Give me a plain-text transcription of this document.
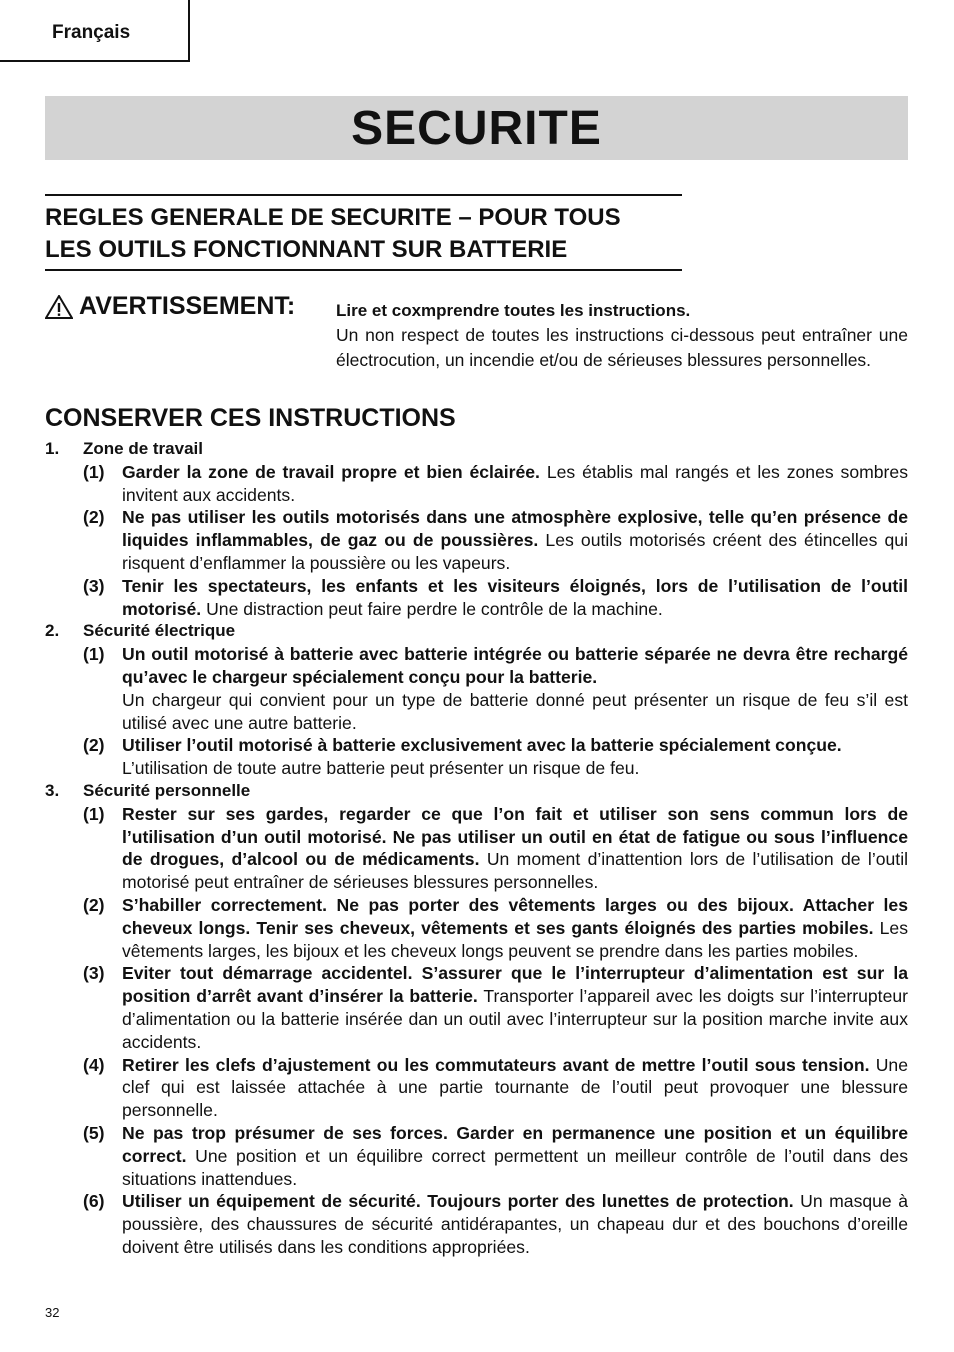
Français
SECURITE
REGLES GENERALE DE SECURITE – POUR TOUS
LES OUTILS FONCTIONNANT SUR BATTERIE
AVERTISSEMENT: Lire et coxmprendre toutes les instructions.
Un non respect de toutes les instructions ci-dessous peut entraîner une électrocution, un incendie et/ou de sérieuses blessures personnelles.
CONSERVER CES INSTRUCTIONS
1.	Zone de travail
(1) Garder la zone de travail propre et bien éclairée. Les établis mal rangés et les zones sombres invitent aux accidents.
(2) Ne pas utiliser les outils motorisés dans une atmosphère explosive, telle qu’en présence de liquides inflammables, de gaz ou de poussières. Les outils motorisés créent des étincelles qui risquent d’enflammer la poussière ou les vapeurs.
(3) Tenir les spectateurs, les enfants et les visiteurs éloignés, lors de l’utilisation de l’outil motorisé. Une distraction peut faire perdre le contrôle de la machine.
2.	Sécurité électrique
(1) Un outil motorisé à batterie avec batterie intégrée ou batterie séparée ne devra être rechargé qu’avec le chargeur spécialement conçu pour la batterie.
Un chargeur qui convient pour un type de batterie donné peut présenter un risque de feu s’il est utilisé avec une autre batterie.
(2) Utiliser l’outil motorisé à batterie exclusivement avec la batterie spécialement conçue.
L’utilisation de toute autre batterie peut présenter un risque de feu.
3.	Sécurité personnelle
(1) Rester sur ses gardes, regarder ce que l’on fait et utiliser son sens commun lors de l’utilisation d’un outil motorisé. Ne pas utiliser un outil en état de fatigue ou sous l’influence de drogues, d’alcool ou de médicaments. Un moment d’inattention lors de l’utilisation de l’outil motorisé peut entraîner de sérieuses blessures personnelles.
(2) S’habiller correctement. Ne pas porter des vêtements larges ou des bijoux. Attacher les cheveux longs. Tenir ses cheveux, vêtements et ses gants éloignés des parties mobiles. Les vêtements larges, les bijoux et les cheveux longs peuvent se prendre dans les parties mobiles.
(3) Eviter tout démarrage accidentel. S’assurer que le l’interrupteur d’alimentation est sur la position d’arrêt avant d’insérer la batterie. Transporter l’appareil avec les doigts sur l’interrupteur d’alimentation ou la batterie insérée dan un outil avec l’interrupteur sur la position marche invite aux accidents.
(4) Retirer les clefs d’ajustement ou les commutateurs avant de mettre l’outil sous tension. Une clef qui est laissée attachée à une partie tournante de l’outil peut provoquer une blessure personnelle.
(5) Ne pas trop présumer de ses forces. Garder en permanence une position et un équilibre correct. Une position et un équilibre correct permettent un meilleur contrôle de l’outil dans des situations inattendues.
(6) Utiliser un équipement de sécurité. Toujours porter des lunettes de protection. Un masque à poussière, des chaussures de sécurité antidérapantes, un chapeau dur et des bouchons d’oreille doivent être utilisés dans les conditions appropriées.
32
